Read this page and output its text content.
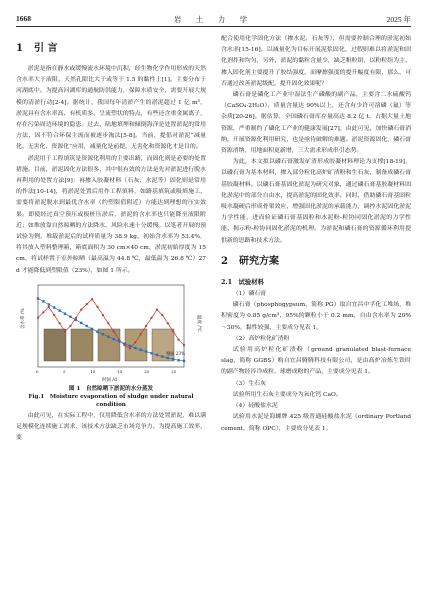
1668	岩 土 力 学	2025 年
1 引 言

淤泥是指在静水或缓慢流水环境中沉积，经生物化学作用形成的天然含水率大于液限、天然孔隙比大于或等于 1.5 的黏性土[1]，主要分布于河湖底中。为提高河湖库的通航防洪能力，保障水质安全，需要开展大规模的清淤行动[2-4]。据统计，我国每年清淤产生的淤泥超过 1 亿 m³，淤泥具有含水率高、有机质多、呈流塑状的特点，有些还含重金属离子，存在污染周边环境的隐患。过去，陆地填埋和倾倒海洋是处置淤泥的常用方法，因不符合环保主流而被逐步淘汰[5-8]。当前，提倡对淤泥“减量化、无害化、资源化”应用，减量化是前提，无害化和资源化才是目的。

淤泥用于工程填筑是资源化利用的主要出路，而固化则是必要的处置措施。目前，淤泥固化方法很多，其中很有效的方法是先对淤泥进行脱水再利用的处置方法[9]：再掺入胶凝材料（石灰、水泥等）固化则是常用的作法[10-14]，将淤泥处置后用作工程填料，如路基填筑或吸填施工，需要将淤泥脱水到最优含水率（约塑限值附近）方能达到理想的压实效果。即使经过真空预压或板桩压淤后，淤泥的含水率也只能降至液限附近；如堆放靠自然晾晒的方法降水，风险水速十分缓慢。以笔者开展的预试验为例，堆载淤泥后的试样质量为 38.9 kg，初始含水率为 53.4%，将其放入塑料整理箱，箱底面积为 30 cm×40 cm，淤泥初始厚度为 15 cm，将试样置于室外晾晒（最高温为 44.8 ℃，最低温为 26.8 ℃）27 d 才能降低到塑限值（23%），如图 1 所示。

0	5	10	15	20	25
含水率 /%	温度 /℃
时间 /d
塑限 23%
图 1　自然晾晒下淤泥的水分蒸发
Fig.1　Moisture evaporation of sludge under natural condition

由此可见，在实际工程中，仅用降低含水率的方法处置淤泥，难以满足规模化连续施工需求，该技术方法缺乏市场竞争力。为提高施工效率，要

配合使用化学固化方法（掺水泥、石灰等），但需要控制合理的淤泥初始含水率[15-16]。以减量化为目标开展泥浆固化，过假则难以将淤泥和固化剂拌和均匀，另外，淤泥的黏粒含量少，缺乏粗粒组，以粉粒组为主，掺入固化剂主要提升了胶结强度，而摩擦强度的提升幅度有限，那么，可否通过改善淤泥级配，提升固化效果呢？

磷石膏是磷化工产业中湿法生产磷酸的副产品，主要含二水硫酸钙（CaSO₄·2H₂O），质量含量达 90%以上，还含有少许可溶磷（氟）等杂质[20-26]。据估算，全国磷石膏库存量高达 8.2 亿 t，占据大量土地资源，严重制约了磷化工产业的健康发展[27]，由此可见，加快磷石膏消纳，开展资源化利用研究，也是亟待破解的难题。淤泥资源固化，磷石膏资源消纳，用地面积更新增，三大需求形成串引态势。

为此，本文拟以磷石膏激发矿渣形成胶凝材料理论为支撑[18-19]，以磷石膏为基本材料，掺入部分粒化高炉矿渣粉和生石灰，制备成磷石膏基胶凝材料。以磷石膏基固化淤泥为研究对象，通过磷石膏基胶凝材料固化淤泥中的部分自由水，提高淤泥的固化效率。同时，借助磷石膏基固粒吸水凝硬后形成骨架效应，增强固化淤泥的承载能力，调控水泥固化淤泥力学性能，进而验证磷石膏基固粒和水泥粉-粒协同固化淤泥的力学性能，揭示粉-粒协同固化淤泥的机理。为淤泥和磷石膏的资源循环利用提供新的思路和技术方法。

2 研究方案
2.1　试验材料

（1）磷石膏

磷石膏（phosphogypsum，简称 PG）取自宜昌中孚化工堆场，堆积密度为 0.85 g/cm³，95%的颗粒小于 0.2 mm，自由含水率为 20%～30%，黏性较强，主要成分见表 1。

（2）高炉粒化矿渣粉

试验用高炉粒化矿渣粉（ground granulated blast-furnace slag，简称 GGBS）购自宜昌腾腾科技有限公司，是由高炉冶炼生铁时的副产物经淬冷成粒、球磨成粉的产品，主要成分见表 1。

（3）生石灰

试验所用生石灰主要成分为氧化钙 CaO。

（4）硅酸盐水泥

试验用水泥是海螺牌 425 级普通硅酸盐水泥（ordinary Portland cement，简称 OPC），主要成分见表 1。
